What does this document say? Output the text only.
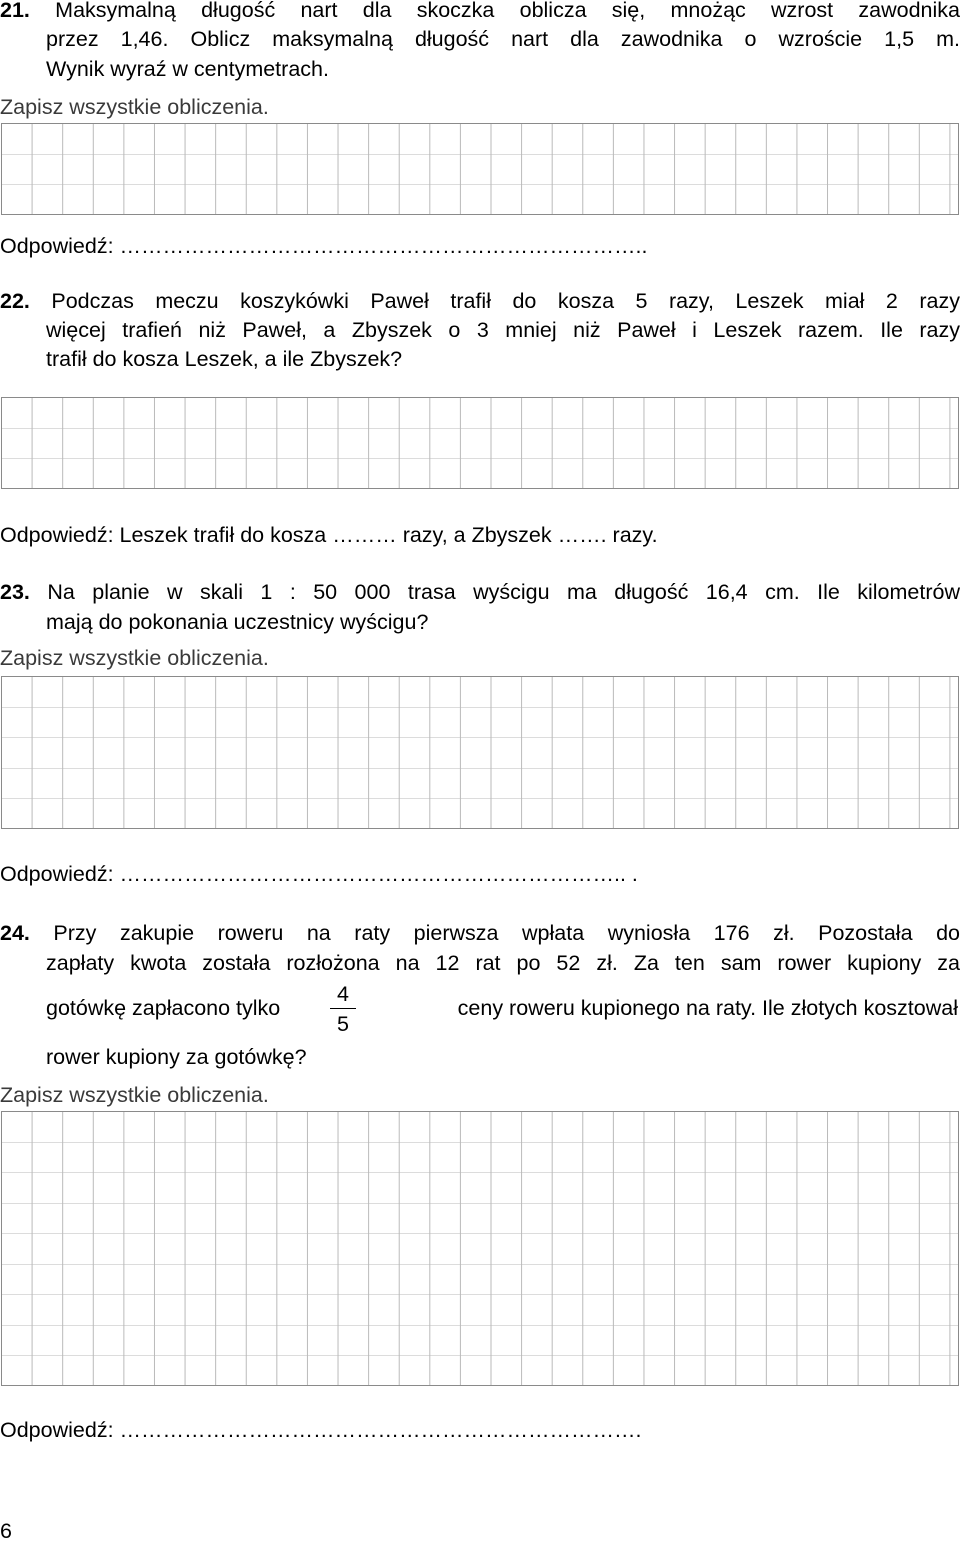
21. Maksymalną długość nart dla skoczka oblicza się, mnożąc wzrost zawodnika
przez 1,46. Oblicz maksymalną długość nart dla zawodnika o wzroście 1,5 m.
Wynik wyraź w centymetrach.
Zapisz wszystkie obliczenia.
Odpowiedź: ………………………………………………………………..
22. Podczas meczu koszykówki Paweł trafił do kosza 5 razy, Leszek miał 2 razy
więcej trafień niż Paweł, a Zbyszek o 3 mniej niż Paweł i Leszek razem. Ile razy
trafił do kosza Leszek, a ile Zbyszek?
Odpowiedź: Leszek trafił do kosza ……… razy, a Zbyszek ……. razy.
23. Na planie w skali 1 : 50 000 trasa wyścigu ma długość 16,4 cm. Ile kilometrów
mają do pokonania uczestnicy wyścigu?
Zapisz wszystkie obliczenia.
Odpowiedź: …………………………………………………………….. .
24. Przy zakupie roweru na raty pierwsza wpłata wyniosła 176 zł. Pozostała do
zapłaty kwota została rozłożona na 12 rat po 52 zł. Za ten sam rower kupiony za
gotówkę zapłacono tylko
4
5
ceny roweru kupionego na raty. Ile złotych kosztował
rower kupiony za gotówkę?
Zapisz wszystkie obliczenia.
Odpowiedź: ……………………………………………………………….
6
